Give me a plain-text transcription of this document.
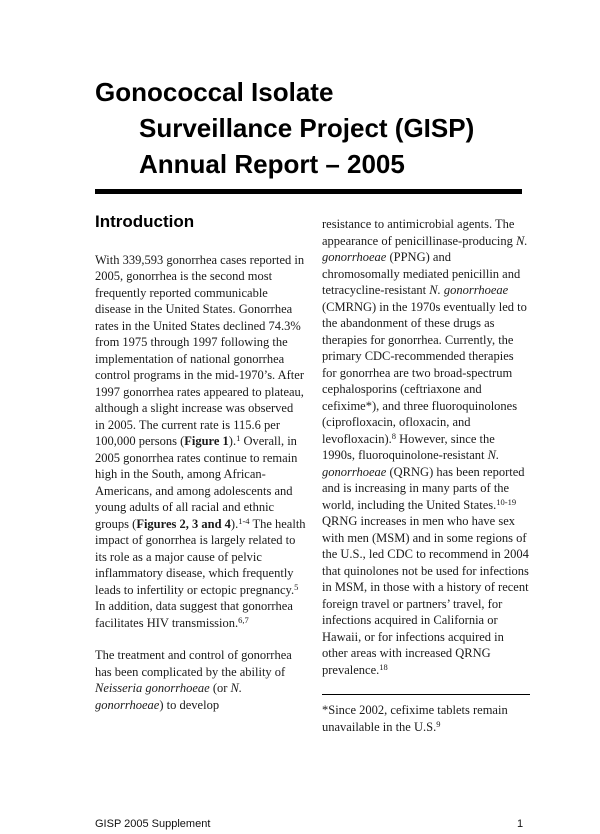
Gonococcal Isolate
Surveillance Project (GISP)
Annual Report – 2005
Introduction

With 339,593 gonorrhea cases reported in 2005, gonorrhea is the second most frequently reported communicable disease in the United States. Gonorrhea rates in the United States declined 74.3% from 1975 through 1997 following the implementation of national gonorrhea control programs in the mid-1970’s. After 1997 gonorrhea rates appeared to plateau, although a slight increase was observed in 2005. The current rate is 115.6 per 100,000 persons (Figure 1).$^1$ Overall, in 2005 gonorrhea rates continue to remain high in the South, among African-Americans, and among adolescents and young adults of all racial and ethnic groups (Figures 2, 3 and 4).$^{1-4}$ The health impact of gonorrhea is largely related to its role as a major cause of pelvic inflammatory disease, which frequently leads to infertility or ectopic pregnancy.$^5$ In addition, data suggest that gonorrhea facilitates HIV transmission.$^{6,7}$

The treatment and control of gonorrhea has been complicated by the ability of Neisseria gonorrhoeae (or N. gonorrhoeae) to develop

resistance to antimicrobial agents. The appearance of penicillinase-producing N. gonorrhoeae (PPNG) and chromosomally mediated penicillin and tetracycline-resistant N. gonorrhoeae (CMRNG) in the 1970s eventually led to the abandonment of these drugs as therapies for gonorrhea. Currently, the primary CDC-recommended therapies for gonorrhea are two broad-spectrum cephalosporins (ceftriaxone and cefixime*), and three fluoroquinolones (ciprofloxacin, ofloxacin, and levofloxacin).$^8$ However, since the 1990s, fluoroquinolone-resistant N. gonorrhoeae (QRNG) has been reported and is increasing in many parts of the world, including the United States.$^{10-19}$ QRNG increases in men who have sex with men (MSM) and in some regions of the U.S., led CDC to recommend in 2004 that quinolones not be used for infections in MSM, in those with a history of recent foreign travel or partners’ travel, for infections acquired in California or Hawaii, or for infections acquired in other areas with increased QRNG prevalence.$^{18}$

*Since 2002, cefixime tablets remain unavailable in the U.S.$^9$

GISP 2005 Supplement	1
